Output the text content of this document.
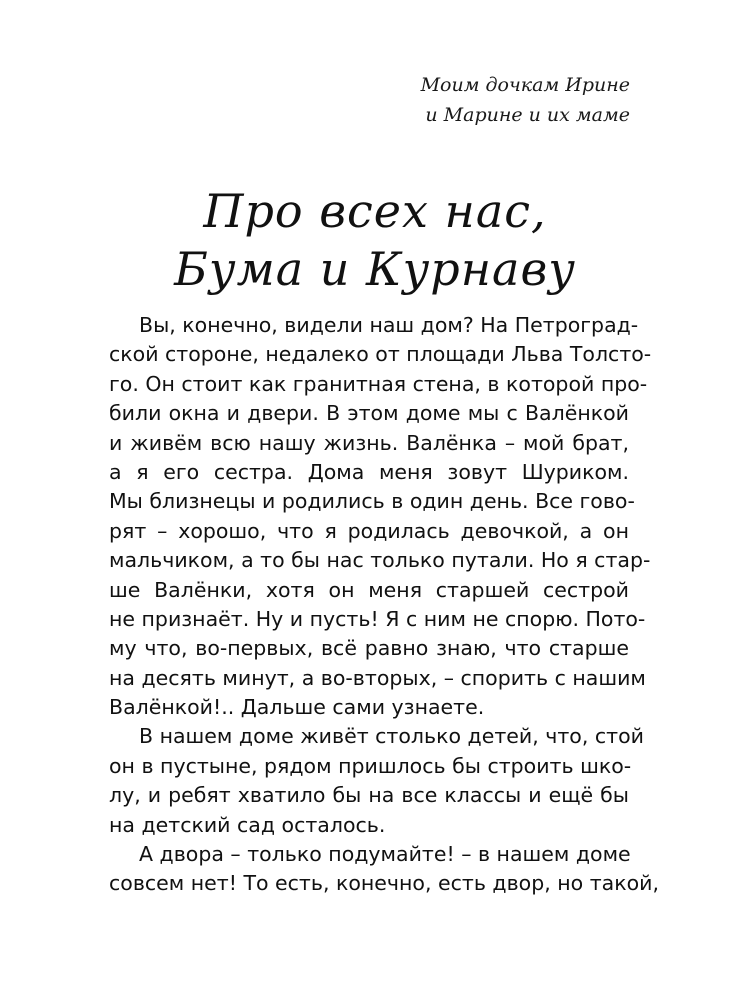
Моим дочкам Ирине
и Марине и их маме
Про всех нас,
Бума и Курнаву
Вы, конечно, видели наш дом? На Петроград-
ской стороне, недалеко от площади Льва Толсто-
го. Он стоит как гранитная стена, в которой про-
били окна и двери. В этом доме мы с Валёнкой
и живём всю нашу жизнь. Валёнка – мой брат,
а я его сестра. Дома меня зовут Шуриком.
Мы близнецы и родились в один день. Все гово-
рят – хорошо, что я родилась девочкой, а он
мальчиком, а то бы нас только путали. Но я стар-
ше Валёнки, хотя он меня старшей сестрой
не признаёт. Ну и пусть! Я с ним не спорю. Пото-
му что, во-первых, всё равно знаю, что старше
на десять минут, а во-вторых, – спорить с нашим
Валёнкой!.. Дальше сами узнаете.
В нашем доме живёт столько детей, что, стой
он в пустыне, рядом пришлось бы строить шко-
лу, и ребят хватило бы на все классы и ещё бы
на детский сад осталось.
А двора – только подумайте! – в нашем доме
совсем нет! То есть, конечно, есть двор, но такой,
